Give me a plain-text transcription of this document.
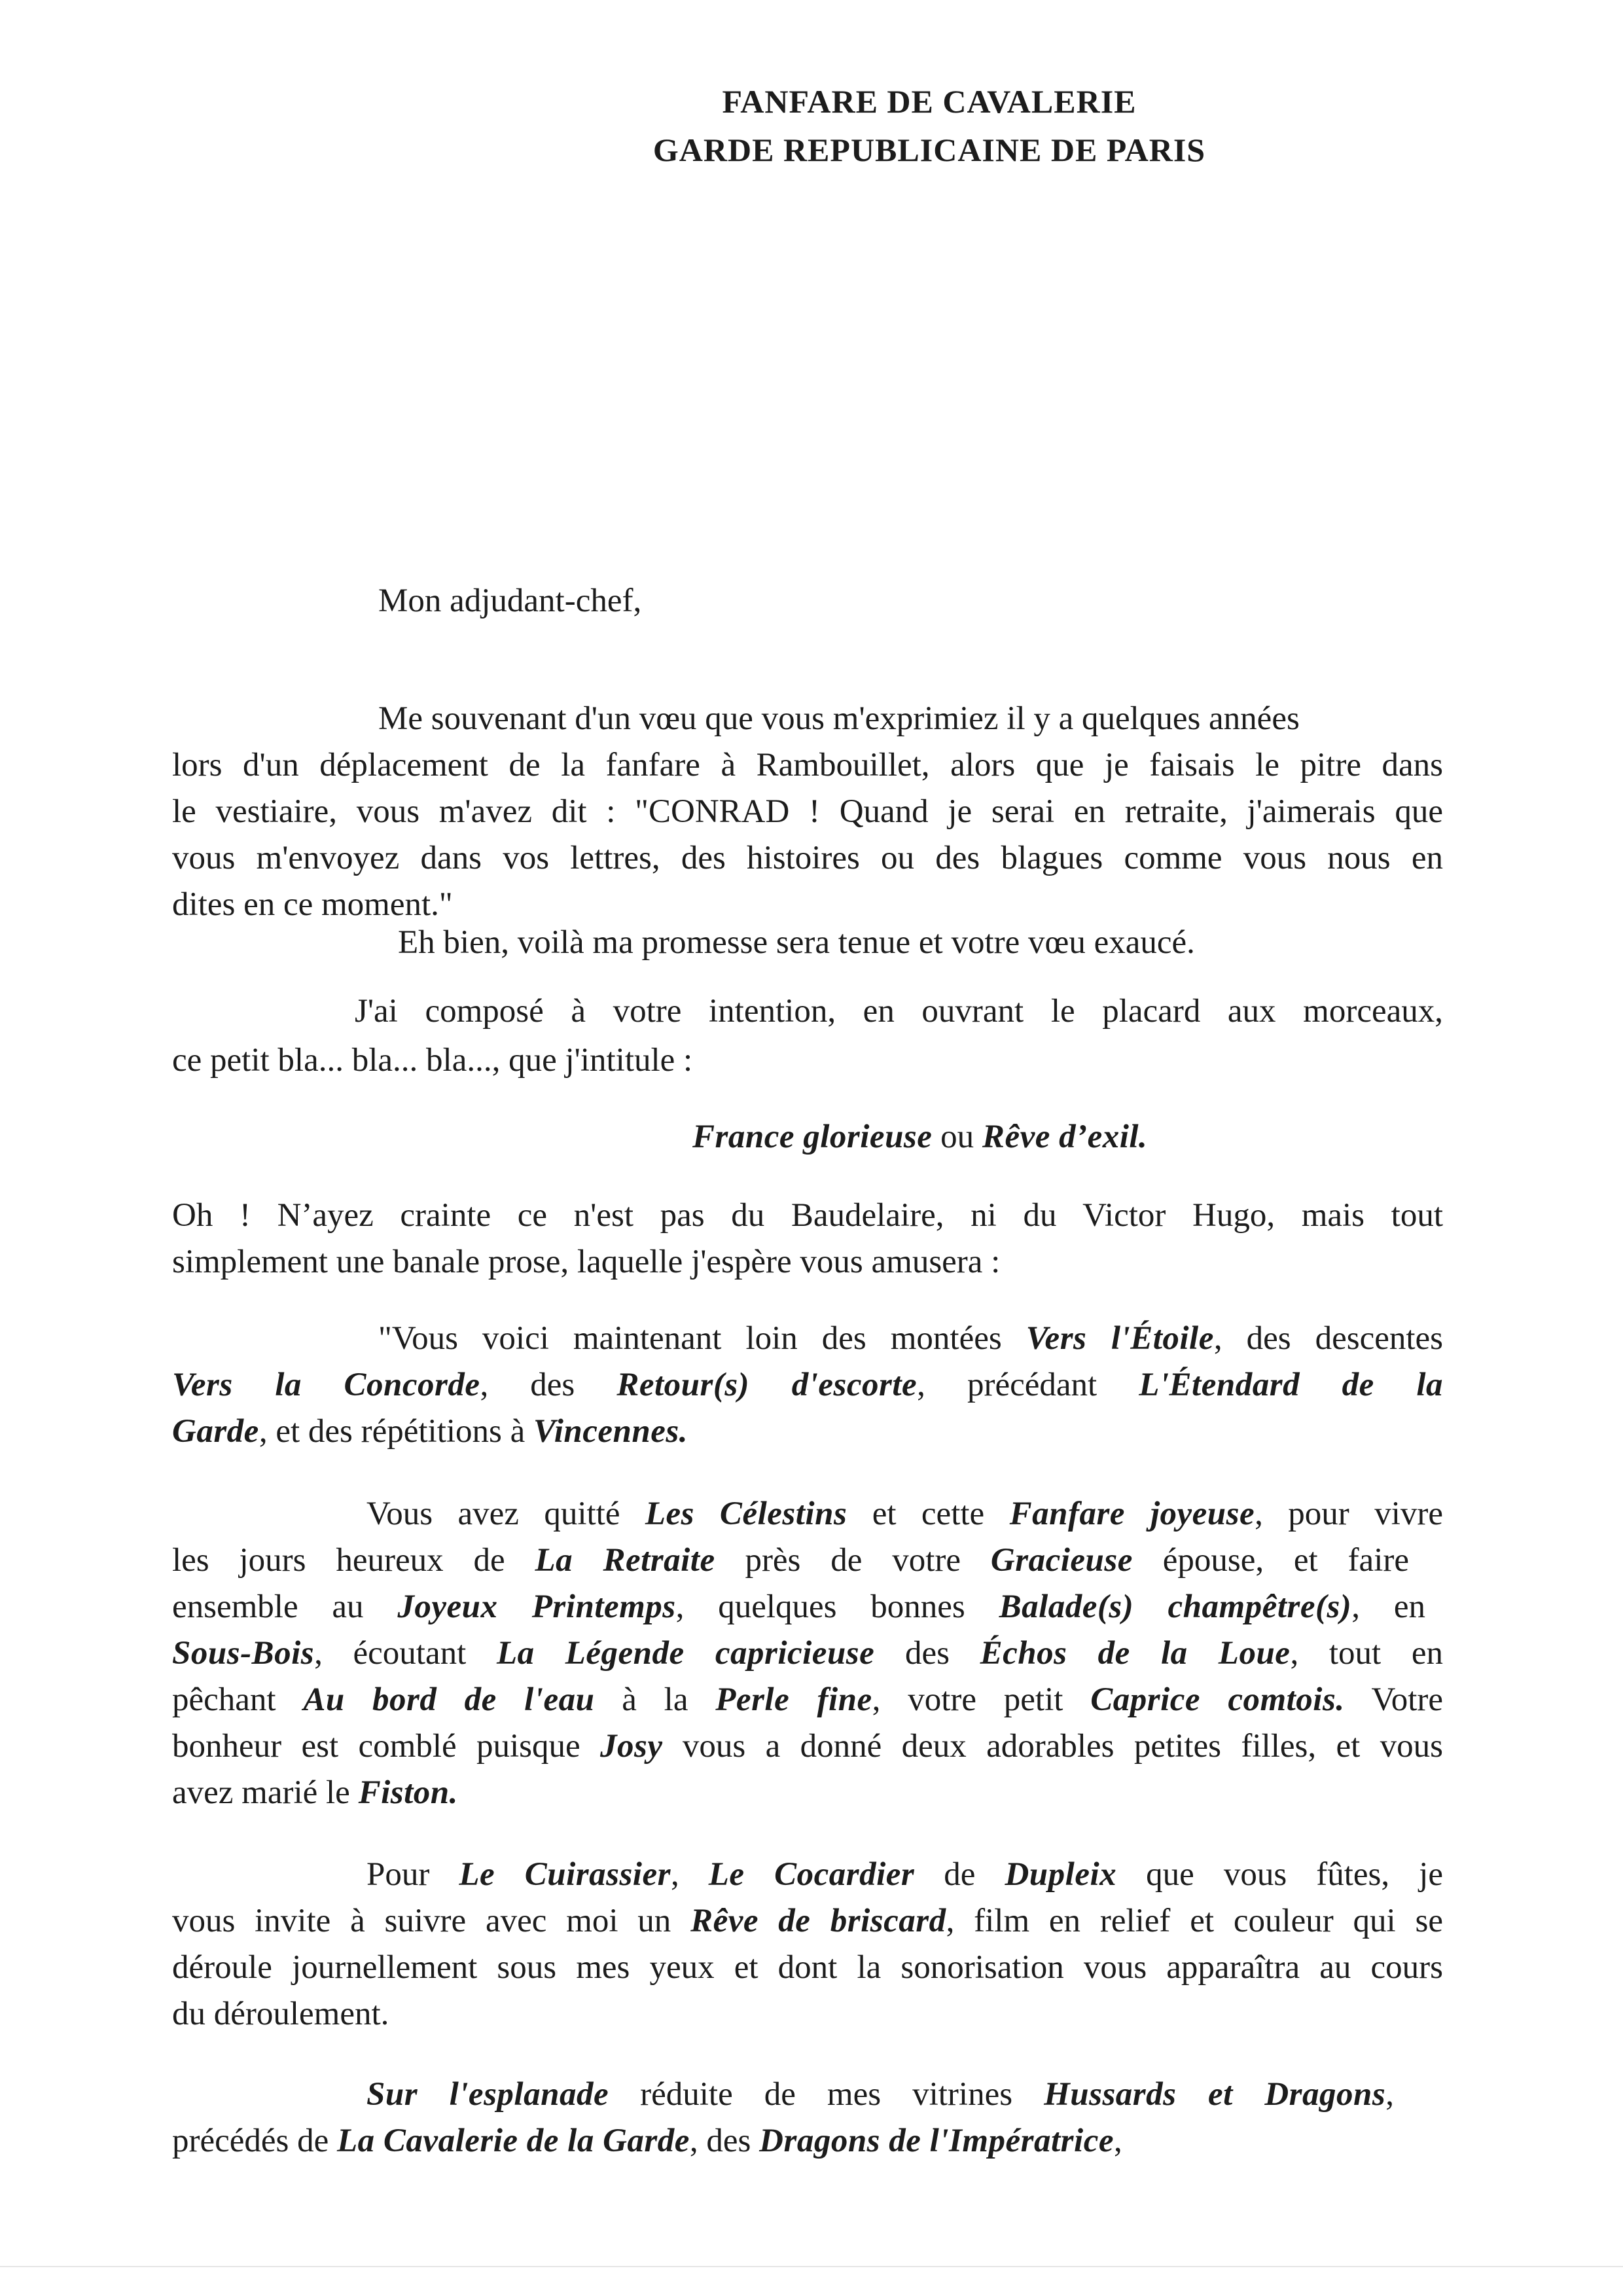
FANFARE DE CAVALERIE
GARDE REPUBLICAINE DE PARIS
Mon adjudant-chef,
Me souvenant d'un vœu que vous m'exprimiez il y a quelques années
lors d'un déplacement de la fanfare à Rambouillet, alors que je faisais le pitre dans
le vestiaire, vous m'avez dit : "CONRAD ! Quand je serai en retraite, j'aimerais que
vous m'envoyez dans vos lettres, des histoires ou des blagues comme vous nous en
dites en ce moment."
Eh bien, voilà ma promesse sera tenue et votre vœu exaucé.
J'ai composé à votre intention, en ouvrant le placard aux morceaux,
ce petit bla... bla... bla..., que j'intitule :
France glorieuse ou Rêve d’exil.
Oh ! N’ayez crainte ce n'est pas du Baudelaire, ni du Victor Hugo, mais tout
simplement une banale prose, laquelle j'espère vous amusera :
"Vous voici maintenant loin des montées Vers l'Étoile, des descentes
Vers la Concorde, des Retour(s) d'escorte, précédant L'Étendard de la
Garde, et des répétitions à Vincennes.
Vous avez quitté Les Célestins et cette Fanfare joyeuse, pour vivre
les jours heureux de La Retraite près de votre Gracieuse épouse, et faire
ensemble au Joyeux Printemps, quelques bonnes Balade(s) champêtre(s), en
Sous-Bois, écoutant La Légende capricieuse des Échos de la Loue, tout en
pêchant Au bord de l'eau à la Perle fine, votre petit Caprice comtois. Votre
bonheur est comblé puisque Josy vous a donné deux adorables petites filles, et vous
avez marié le Fiston.
Pour Le Cuirassier, Le Cocardier de Dupleix que vous fûtes, je
vous invite à suivre avec moi un Rêve de briscard, film en relief et couleur qui se
déroule journellement sous mes yeux et dont la sonorisation vous apparaîtra au cours
du déroulement.
Sur l'esplanade réduite de mes vitrines Hussards et Dragons,
précédés de La Cavalerie de la Garde, des Dragons de l'Impératrice,
